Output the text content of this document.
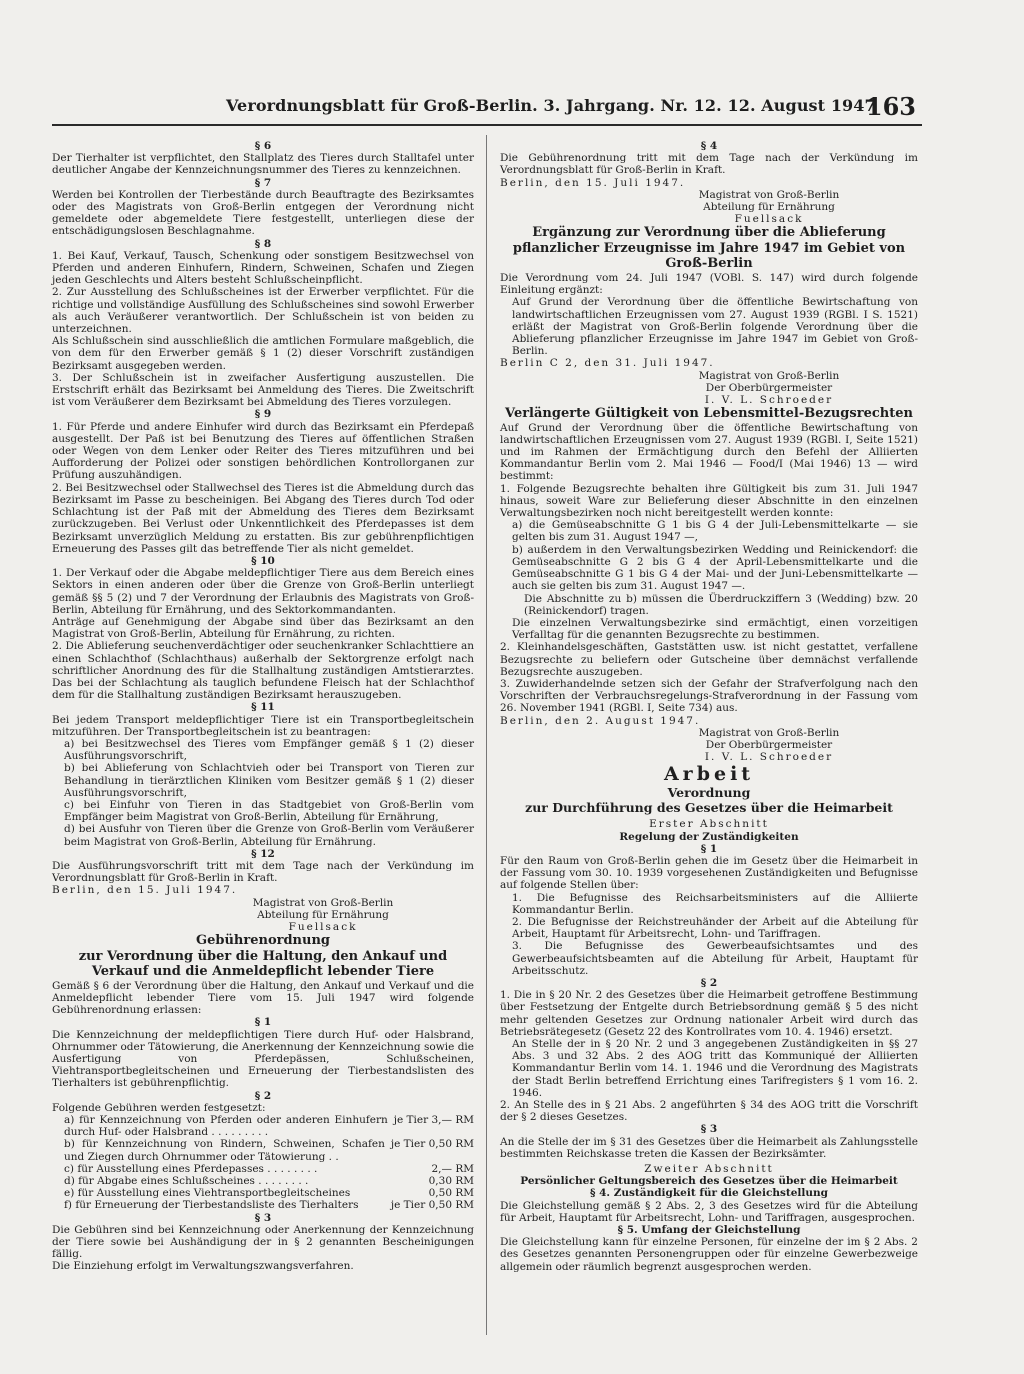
Verordnungsblatt für Groß-Berlin. 3. Jahrgang. Nr. 12. 12. August 1947
163

§ 6

Der Tierhalter ist verpflichtet, den Stallplatz des Tieres durch Stalltafel unter deutlicher Angabe der Kennzeichnungsnummer des Tieres zu kennzeichnen.

§ 7

Werden bei Kontrollen der Tierbestände durch Beauftragte des Bezirksamtes oder des Magistrats von Groß-Berlin entgegen der Verordnung nicht gemeldete oder abgemeldete Tiere festgestellt, unterliegen diese der entschädigungslosen Beschlagnahme.

§ 8

1. Bei Kauf, Verkauf, Tausch, Schenkung oder sonstigem Besitzwechsel von Pferden und anderen Einhufern, Rindern, Schweinen, Schafen und Ziegen jeden Geschlechts und Alters besteht Schlußscheinpflicht.

2. Zur Ausstellung des Schlußscheines ist der Erwerber verpflichtet. Für die richtige und vollständige Ausfüllung des Schlußscheines sind sowohl Erwerber als auch Veräußerer verantwortlich. Der Schlußschein ist von beiden zu unterzeichnen.

Als Schlußschein sind ausschließlich die amtlichen Formulare maßgeblich, die von dem für den Erwerber gemäß § 1 (2) dieser Vorschrift zuständigen Bezirksamt ausgegeben werden.

3. Der Schlußschein ist in zweifacher Ausfertigung auszustellen. Die Erstschrift erhält das Bezirksamt bei Anmeldung des Tieres. Die Zweitschrift ist vom Veräußerer dem Bezirksamt bei Abmeldung des Tieres vorzulegen.

§ 9

1. Für Pferde und andere Einhufer wird durch das Bezirksamt ein Pferdepaß ausgestellt. Der Paß ist bei Benutzung des Tieres auf öffentlichen Straßen oder Wegen von dem Lenker oder Reiter des Tieres mitzuführen und bei Aufforderung der Polizei oder sonstigen behördlichen Kontrollorganen zur Prüfung auszuhändigen.

2. Bei Besitzwechsel oder Stallwechsel des Tieres ist die Abmeldung durch das Bezirksamt im Passe zu bescheinigen. Bei Abgang des Tieres durch Tod oder Schlachtung ist der Paß mit der Abmeldung des Tieres dem Bezirksamt zurückzugeben. Bei Verlust oder Unkenntlichkeit des Pferdepasses ist dem Bezirksamt unverzüglich Meldung zu erstatten. Bis zur gebührenpflichtigen Erneuerung des Passes gilt das betreffende Tier als nicht gemeldet.

§ 10

1. Der Verkauf oder die Abgabe meldepflichtiger Tiere aus dem Bereich eines Sektors in einen anderen oder über die Grenze von Groß-Berlin unterliegt gemäß §§ 5 (2) und 7 der Verordnung der Erlaubnis des Magistrats von Groß-Berlin, Abteilung für Ernährung, und des Sektorkommandanten.

Anträge auf Genehmigung der Abgabe sind über das Bezirksamt an den Magistrat von Groß-Berlin, Abteilung für Ernährung, zu richten.

2. Die Ablieferung seuchenverdächtiger oder seuchenkranker Schlachttiere an einen Schlachthof (Schlachthaus) außerhalb der Sektorgrenze erfolgt nach schriftlicher Anordnung des für die Stallhaltung zuständigen Amtstierarztes. Das bei der Schlachtung als tauglich befundene Fleisch hat der Schlachthof dem für die Stallhaltung zuständigen Bezirksamt herauszugeben.

§ 11

Bei jedem Transport meldepflichtiger Tiere ist ein Transportbegleitschein mitzuführen. Der Transportbegleitschein ist zu beantragen:

a) bei Besitzwechsel des Tieres vom Empfänger gemäß § 1 (2) dieser Ausführungsvorschrift,

b) bei Ablieferung von Schlachtvieh oder bei Transport von Tieren zur Behandlung in tierärztlichen Kliniken vom Besitzer gemäß § 1 (2) dieser Ausführungsvorschrift,

c) bei Einfuhr von Tieren in das Stadtgebiet von Groß-Berlin vom Empfänger beim Magistrat von Groß-Berlin, Abteilung für Ernährung,

d) bei Ausfuhr von Tieren über die Grenze von Groß-Berlin vom Veräußerer beim Magistrat von Groß-Berlin, Abteilung für Ernährung.

§ 12

Die Ausführungsvorschrift tritt mit dem Tage nach der Verkündung im Verordnungsblatt für Groß-Berlin in Kraft.

Berlin, den 15. Juli 1947.

Magistrat von Groß-Berlin

Abteilung für Ernährung

Fuellsack

Gebührenordnung

zur Verordnung über die Haltung, den Ankauf und Verkauf und die Anmeldepflicht lebender Tiere

Gemäß § 6 der Verordnung über die Haltung, den Ankauf und Verkauf und die Anmeldepflicht lebender Tiere vom 15. Juli 1947 wird folgende Gebührenordnung erlassen:

§ 1

Die Kennzeichnung der meldepflichtigen Tiere durch Huf- oder Halsbrand, Ohrnummer oder Tätowierung, die Anerkennung der Kennzeichnung sowie die Ausfertigung von Pferdepässen, Schlußscheinen, Viehtransportbegleitscheinen und Erneuerung der Tierbestandslisten des Tierhalters ist gebührenpflichtig.

§ 2

Folgende Gebühren werden festgesetzt:

a) für Kennzeichnung von Pferden oder anderen Einhufern durch Huf- oder Halsbrand . . . . . . . . .
je Tier 3,— RM
b) für Kennzeichnung von Rindern, Schweinen, Schafen und Ziegen durch Ohrnummer oder Tätowierung . .
je Tier 0,50 RM
c) für Ausstellung eines Pferdepasses . . . . . . . .	2,— RM
d) für Abgabe eines Schlußscheines . . . . . . . .	0,30 RM
e) für Ausstellung eines Viehtransportbegleitscheines	0,50 RM
f) für Erneuerung der Tierbestandsliste des Tierhalters	je Tier 0,50 RM

§ 3

Die Gebühren sind bei Kennzeichnung oder Anerkennung der Kennzeichnung der Tiere sowie bei Aushändigung der in § 2 genannten Bescheinigungen fällig.

Die Einziehung erfolgt im Verwaltungszwangsverfahren.

§ 4

Die Gebührenordnung tritt mit dem Tage nach der Verkündung im Verordnungsblatt für Groß-Berlin in Kraft.

Berlin, den 15. Juli 1947.

Magistrat von Groß-Berlin

Abteilung für Ernährung

Fuellsack

Ergänzung zur Verordnung über die Ablieferung pflanzlicher Erzeugnisse im Jahre 1947 im Gebiet von Groß-Berlin

Die Verordnung vom 24. Juli 1947 (VOBl. S. 147) wird durch folgende Einleitung ergänzt:

Auf Grund der Verordnung über die öffentliche Bewirtschaftung von landwirtschaftlichen Erzeugnissen vom 27. August 1939 (RGBl. I S. 1521) erläßt der Magistrat von Groß-Berlin folgende Verordnung über die Ablieferung pflanzlicher Erzeugnisse im Jahre 1947 im Gebiet von Groß-Berlin.

Berlin C 2, den 31. Juli 1947.

Magistrat von Groß-Berlin

Der Oberbürgermeister

I. V. L. Schroeder

Verlängerte Gültigkeit von Lebensmittel-Bezugsrechten

Auf Grund der Verordnung über die öffentliche Bewirtschaftung von landwirtschaftlichen Erzeugnissen vom 27. August 1939 (RGBl. I, Seite 1521) und im Rahmen der Ermächtigung durch den Befehl der Alliierten Kommandantur Berlin vom 2. Mai 1946 — Food/I (Mai 1946) 13 — wird bestimmt:

1. Folgende Bezugsrechte behalten ihre Gültigkeit bis zum 31. Juli 1947 hinaus, soweit Ware zur Belieferung dieser Abschnitte in den einzelnen Verwaltungsbezirken noch nicht bereitgestellt werden konnte:

a) die Gemüseabschnitte G 1 bis G 4 der Juli-Lebensmittelkarte — sie gelten bis zum 31. August 1947 —,

b) außerdem in den Verwaltungsbezirken Wedding und Reinickendorf: die Gemüseabschnitte G 2 bis G 4 der April-Lebensmittelkarte und die Gemüseabschnitte G 1 bis G 4 der Mai- und der Juni-Lebensmittelkarte — auch sie gelten bis zum 31. August 1947 —.

Die Abschnitte zu b) müssen die Überdruckziffern 3 (Wedding) bzw. 20 (Reinickendorf) tragen.

Die einzelnen Verwaltungsbezirke sind ermächtigt, einen vorzeitigen Verfalltag für die genannten Bezugsrechte zu bestimmen.

2. Kleinhandelsgeschäften, Gaststätten usw. ist nicht gestattet, verfallene Bezugsrechte zu beliefern oder Gutscheine über demnächst verfallende Bezugsrechte auszugeben.

3. Zuwiderhandelnde setzen sich der Gefahr der Strafverfolgung nach den Vorschriften der Verbrauchsregelungs-Strafverordnung in der Fassung vom 26. November 1941 (RGBl. I, Seite 734) aus.

Berlin, den 2. August 1947.

Magistrat von Groß-Berlin

Der Oberbürgermeister

I. V. L. Schroeder

Arbeit

Verordnung

zur Durchführung des Gesetzes über die Heimarbeit

Erster Abschnitt

Regelung der Zuständigkeiten

§ 1

Für den Raum von Groß-Berlin gehen die im Gesetz über die Heimarbeit in der Fassung vom 30. 10. 1939 vorgesehenen Zuständigkeiten und Befugnisse auf folgende Stellen über:

1. Die Befugnisse des Reichsarbeitsministers auf die Alliierte Kommandantur Berlin.

2. Die Befugnisse der Reichstreuhänder der Arbeit auf die Abteilung für Arbeit, Hauptamt für Arbeitsrecht, Lohn- und Tariffragen.

3. Die Befugnisse des Gewerbeaufsichtsamtes und des Gewerbeaufsichtsbeamten auf die Abteilung für Arbeit, Hauptamt für Arbeitsschutz.

§ 2

1. Die in § 20 Nr. 2 des Gesetzes über die Heimarbeit getroffene Bestimmung über Festsetzung der Entgelte durch Betriebsordnung gemäß § 5 des nicht mehr geltenden Gesetzes zur Ordnung nationaler Arbeit wird durch das Betriebsrätegesetz (Gesetz 22 des Kontrollrates vom 10. 4. 1946) ersetzt.

An Stelle der in § 20 Nr. 2 und 3 angegebenen Zuständigkeiten in §§ 27 Abs. 3 und 32 Abs. 2 des AOG tritt das Kommuniqué der Alliierten Kommandantur Berlin vom 14. 1. 1946 und die Verordnung des Magistrats der Stadt Berlin betreffend Errichtung eines Tarifregisters § 1 vom 16. 2. 1946.

2. An Stelle des in § 21 Abs. 2 angeführten § 34 des AOG tritt die Vorschrift der § 2 dieses Gesetzes.

§ 3

An die Stelle der im § 31 des Gesetzes über die Heimarbeit als Zahlungsstelle bestimmten Reichskasse treten die Kassen der Bezirksämter.

Zweiter Abschnitt

Persönlicher Geltungsbereich des Gesetzes über die Heimarbeit

§ 4. Zuständigkeit für die Gleichstellung

Die Gleichstellung gemäß § 2 Abs. 2, 3 des Gesetzes wird für die Abteilung für Arbeit, Hauptamt für Arbeitsrecht, Lohn- und Tariffragen, ausgesprochen.

§ 5. Umfang der Gleichstellung

Die Gleichstellung kann für einzelne Personen, für einzelne der im § 2 Abs. 2 des Gesetzes genannten Personengruppen oder für einzelne Gewerbezweige allgemein oder räumlich begrenzt ausgesprochen werden.
